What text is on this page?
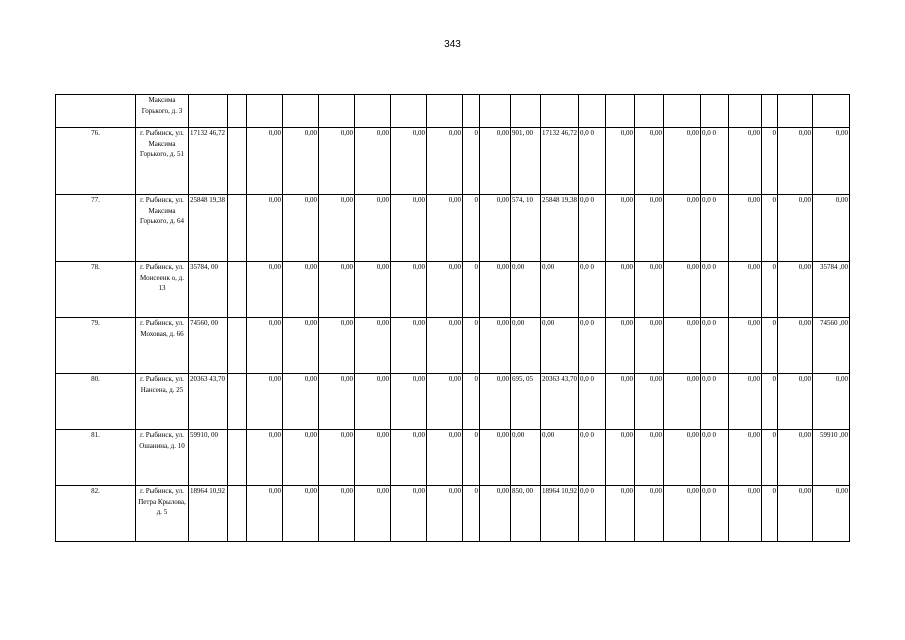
343
	Максима Горького, д. 3																					
76.	г. Рыбинск, ул. Максима Горького, д. 51	17132 46,72		0,00	0,00	0,00	0,00	0,00	0,00	0	0,00	901, 00	17132 46,72	0,0 0	0,00	0,00	0,00	0,0 0	0,00	0	0,00	0,00
77.	г. Рыбинск, ул. Максима Горького, д. 64	25848 19,38		0,00	0,00	0,00	0,00	0,00	0,00	0	0,00	574, 10	25848 19,38	0,0 0	0,00	0,00	0,00	0,0 0	0,00	0	0,00	0,00
78.	г. Рыбинск, ул. Моисеенк о, д. 13	35784, 00		0,00	0,00	0,00	0,00	0,00	0,00	0	0,00	0,00	0,00	0,0 0	0,00	0,00	0,00	0,0 0	0,00	0	0,00	35784 ,00
79.	г. Рыбинск, ул. Моховая, д. 66	74560, 00		0,00	0,00	0,00	0,00	0,00	0,00	0	0,00	0,00	0,00	0,0 0	0,00	0,00	0,00	0,0 0	0,00	0	0,00	74560 ,00
80.	г. Рыбинск, ул. Нансена, д. 25	20363 43,70		0,00	0,00	0,00	0,00	0,00	0,00	0	0,00	695, 05	20363 43,70	0,0 0	0,00	0,00	0,00	0,0 0	0,00	0	0,00	0,00
81.	г. Рыбинск, ул. Ошанина, д. 10	59910, 00		0,00	0,00	0,00	0,00	0,00	0,00	0	0,00	0,00	0,00	0,0 0	0,00	0,00	0,00	0,0 0	0,00	0	0,00	59910 ,00
82.	г. Рыбинск, ул. Петра Крылова, д. 5	18964 10,92		0,00	0,00	0,00	0,00	0,00	0,00	0	0,00	850, 00	18964 10,92	0,0 0	0,00	0,00	0,00	0,0 0	0,00	0	0,00	0,00
